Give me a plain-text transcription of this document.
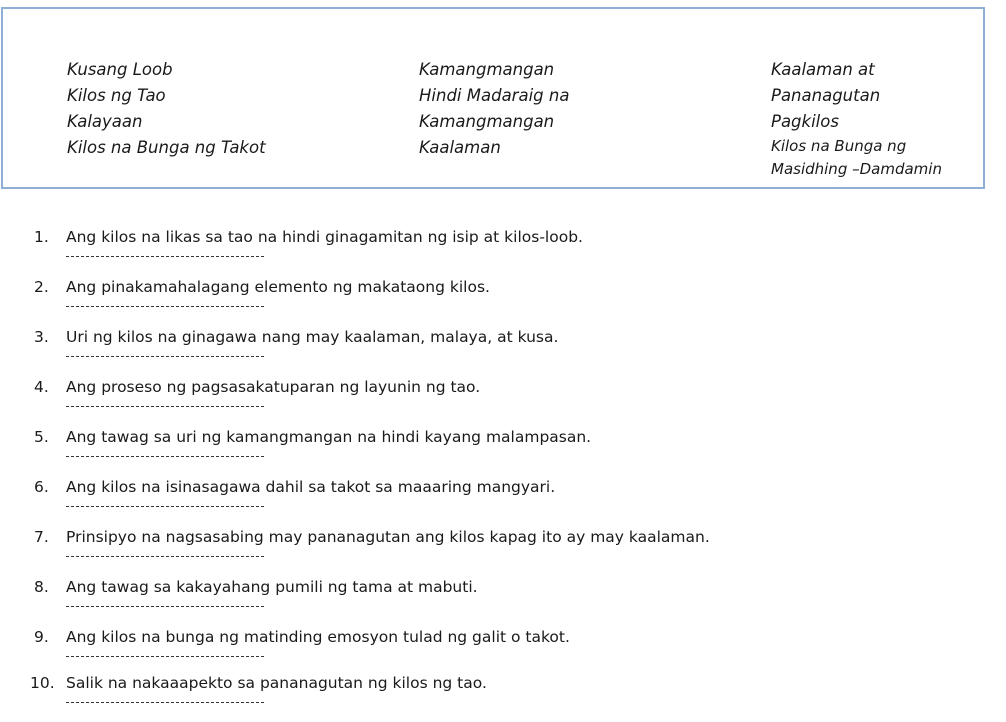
Kusang Loob
Kilos ng Tao
Kalayaan
Kilos na Bunga ng Takot
Kamangmangan
Hindi Madaraig na
Kamangmangan
Kaalaman
Kaalaman at
Pananagutan
Pagkilos
Kilos na Bunga ng
Masidhing –Damdamin
1. Ang kilos na likas sa tao na hindi ginagamitan ng isip at kilos-loob.
2. Ang pinakamahalagang elemento ng makataong kilos.
3. Uri ng kilos na ginagawa nang may kaalaman, malaya, at kusa.
4. Ang proseso ng pagsasakatuparan ng layunin ng tao.
5. Ang tawag sa uri ng kamangmangan na hindi kayang malampasan.
6. Ang kilos na isinasagawa dahil sa takot sa maaaring mangyari.
7. Prinsipyo na nagsasabing may pananagutan ang kilos kapag ito ay may kaalaman.
8. Ang tawag sa kakayahang pumili ng tama at mabuti.
9. Ang kilos na bunga ng matinding emosyon tulad ng galit o takot.
10. Salik na nakaaapekto sa pananagutan ng kilos ng tao.
